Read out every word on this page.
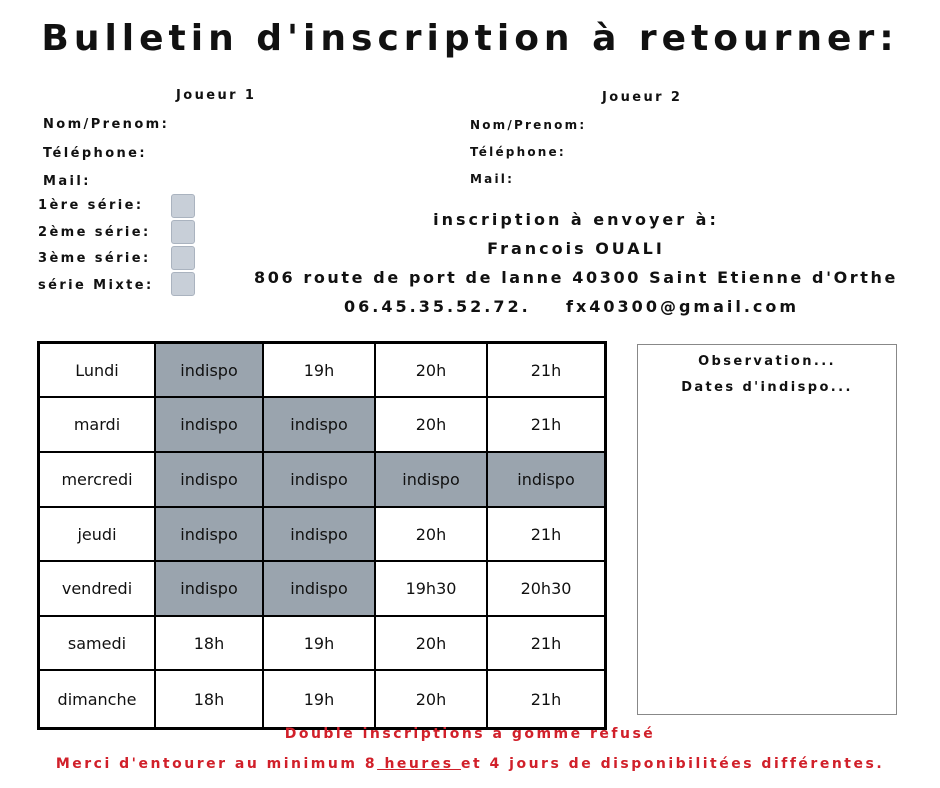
Bulletin d'inscription à retourner:
Joueur 1
Nom/Prenom:
Téléphone:
Mail:
Joueur 2
Nom/Prenom:
Téléphone:
Mail:
1ère série:
2ème série:
3ème série:
série Mixte:
inscription à envoyer à:
Francois OUALI
806 route de port de lanne 40300 Saint Etienne d'Orthe
06.45.35.52.72. fx40300@gmail.com
Lundi	indispo	19h	20h	21h
mardi	indispo	indispo	20h	21h
mercredi	indispo	indispo	indispo	indispo
jeudi	indispo	indispo	20h	21h
vendredi	indispo	indispo	19h30	20h30
samedi	18h	19h	20h	21h
dimanche	18h	19h	20h	21h
Observation...
Dates d'indispo...
Double inscriptions a gomme refusé
Merci d'entourer au minimum 8 heures et 4 jours de disponibilitées différentes.
